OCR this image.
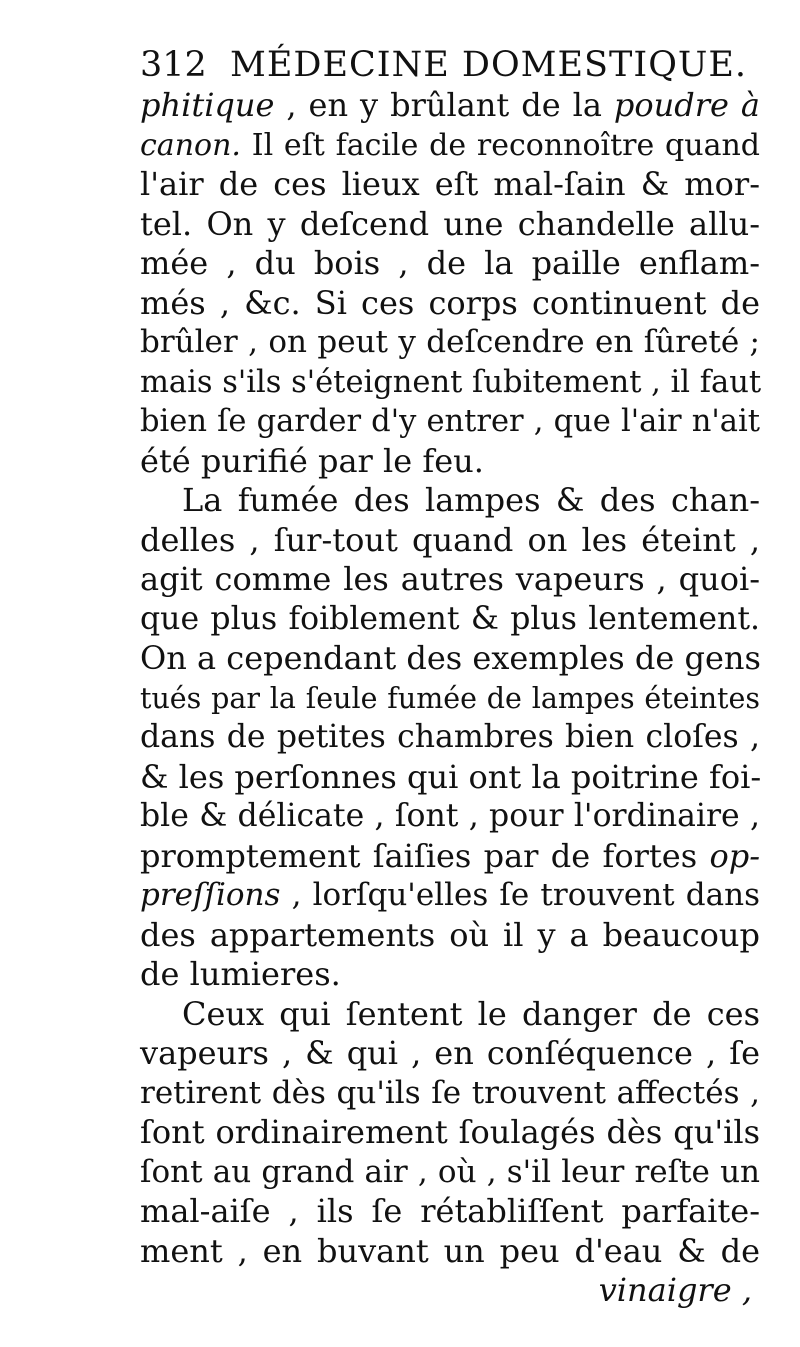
312 MÉDECINE DOMESTIQUE.
phitique , en y brûlant de la poudre à
canon. Il eſt facile de reconnoître quand
l'air de ces lieux eſt mal-ſain & mor-
tel. On y deſcend une chandelle allu-
mée , du bois , de la paille enflam-
més , &c. Si ces corps continuent de
brûler , on peut y deſcendre en ſûreté ;
mais s'ils s'éteignent ſubitement , il faut
bien ſe garder d'y entrer , que l'air n'ait
été purifié par le feu.
La fumée des lampes & des chan-
delles , ſur-tout quand on les éteint ,
agit comme les autres vapeurs , quoi-
que plus foiblement & plus lentement.
On a cependant des exemples de gens
tués par la ſeule fumée de lampes éteintes
dans de petites chambres bien cloſes ,
& les perſonnes qui ont la poitrine foi-
ble & délicate , ſont , pour l'ordinaire ,
promptement ſaiſies par de fortes op-
preſſions , lorſqu'elles ſe trouvent dans
des appartements où il y a beaucoup
de lumieres.
Ceux qui ſentent le danger de ces
vapeurs , & qui , en conſéquence , ſe
retirent dès qu'ils ſe trouvent affectés ,
ſont ordinairement ſoulagés dès qu'ils
ſont au grand air , où , s'il leur reſte un
mal-aiſe , ils ſe rétabliſſent parfaite-
ment , en buvant un peu d'eau & de
vinaigre ,
